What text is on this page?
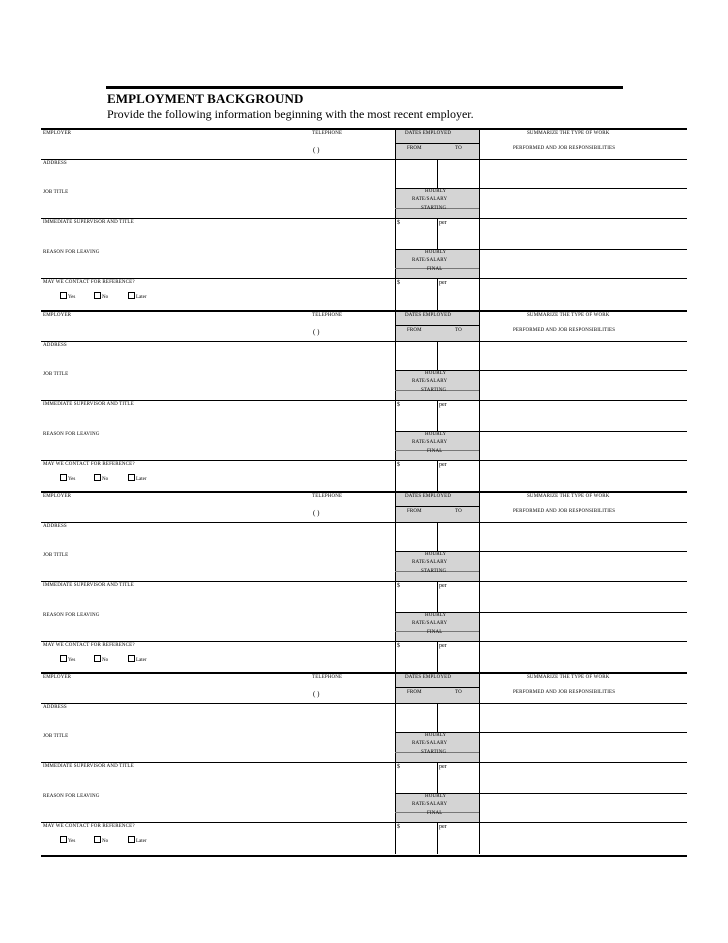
EMPLOYMENT BACKGROUND
Provide the following information beginning with the most recent employer.
EMPLOYER	TELEPHONE
( )
DATES EMPLOYED
FROM	TO
SUMMARIZE THE TYPE OF WORK
PERFORMED AND JOB RESPONSIBILITIES
ADDRESS
JOB TITLE	HOURLY
RATE/SALARY
STARTING
IMMEDIATE SUPERVISOR AND TITLE	$	per
REASON FOR LEAVING	HOURLY
RATE/SALARY
FINAL
MAY WE CONTACT FOR REFERENCE?	$	per
Yes	No	Later
EMPLOYER	TELEPHONE
( )
DATES EMPLOYED
FROM	TO
SUMMARIZE THE TYPE OF WORK
PERFORMED AND JOB RESPONSIBILITIES
ADDRESS
JOB TITLE	HOURLY
RATE/SALARY
STARTING
IMMEDIATE SUPERVISOR AND TITLE	$	per
REASON FOR LEAVING	HOURLY
RATE/SALARY
FINAL
MAY WE CONTACT FOR REFERENCE?	$	per
Yes	No	Later
EMPLOYER	TELEPHONE
( )
DATES EMPLOYED
FROM	TO
SUMMARIZE THE TYPE OF WORK
PERFORMED AND JOB RESPONSIBILITIES
ADDRESS
JOB TITLE	HOURLY
RATE/SALARY
STARTING
IMMEDIATE SUPERVISOR AND TITLE	$	per
REASON FOR LEAVING	HOURLY
RATE/SALARY
FINAL
MAY WE CONTACT FOR REFERENCE?	$	per
Yes	No	Later
EMPLOYER	TELEPHONE
( )
DATES EMPLOYED
FROM	TO
SUMMARIZE THE TYPE OF WORK
PERFORMED AND JOB RESPONSIBILITIES
ADDRESS
JOB TITLE	HOURLY
RATE/SALARY
STARTING
IMMEDIATE SUPERVISOR AND TITLE	$	per
REASON FOR LEAVING	HOURLY
RATE/SALARY
FINAL
MAY WE CONTACT FOR REFERENCE?	$	per
Yes	No	Later
